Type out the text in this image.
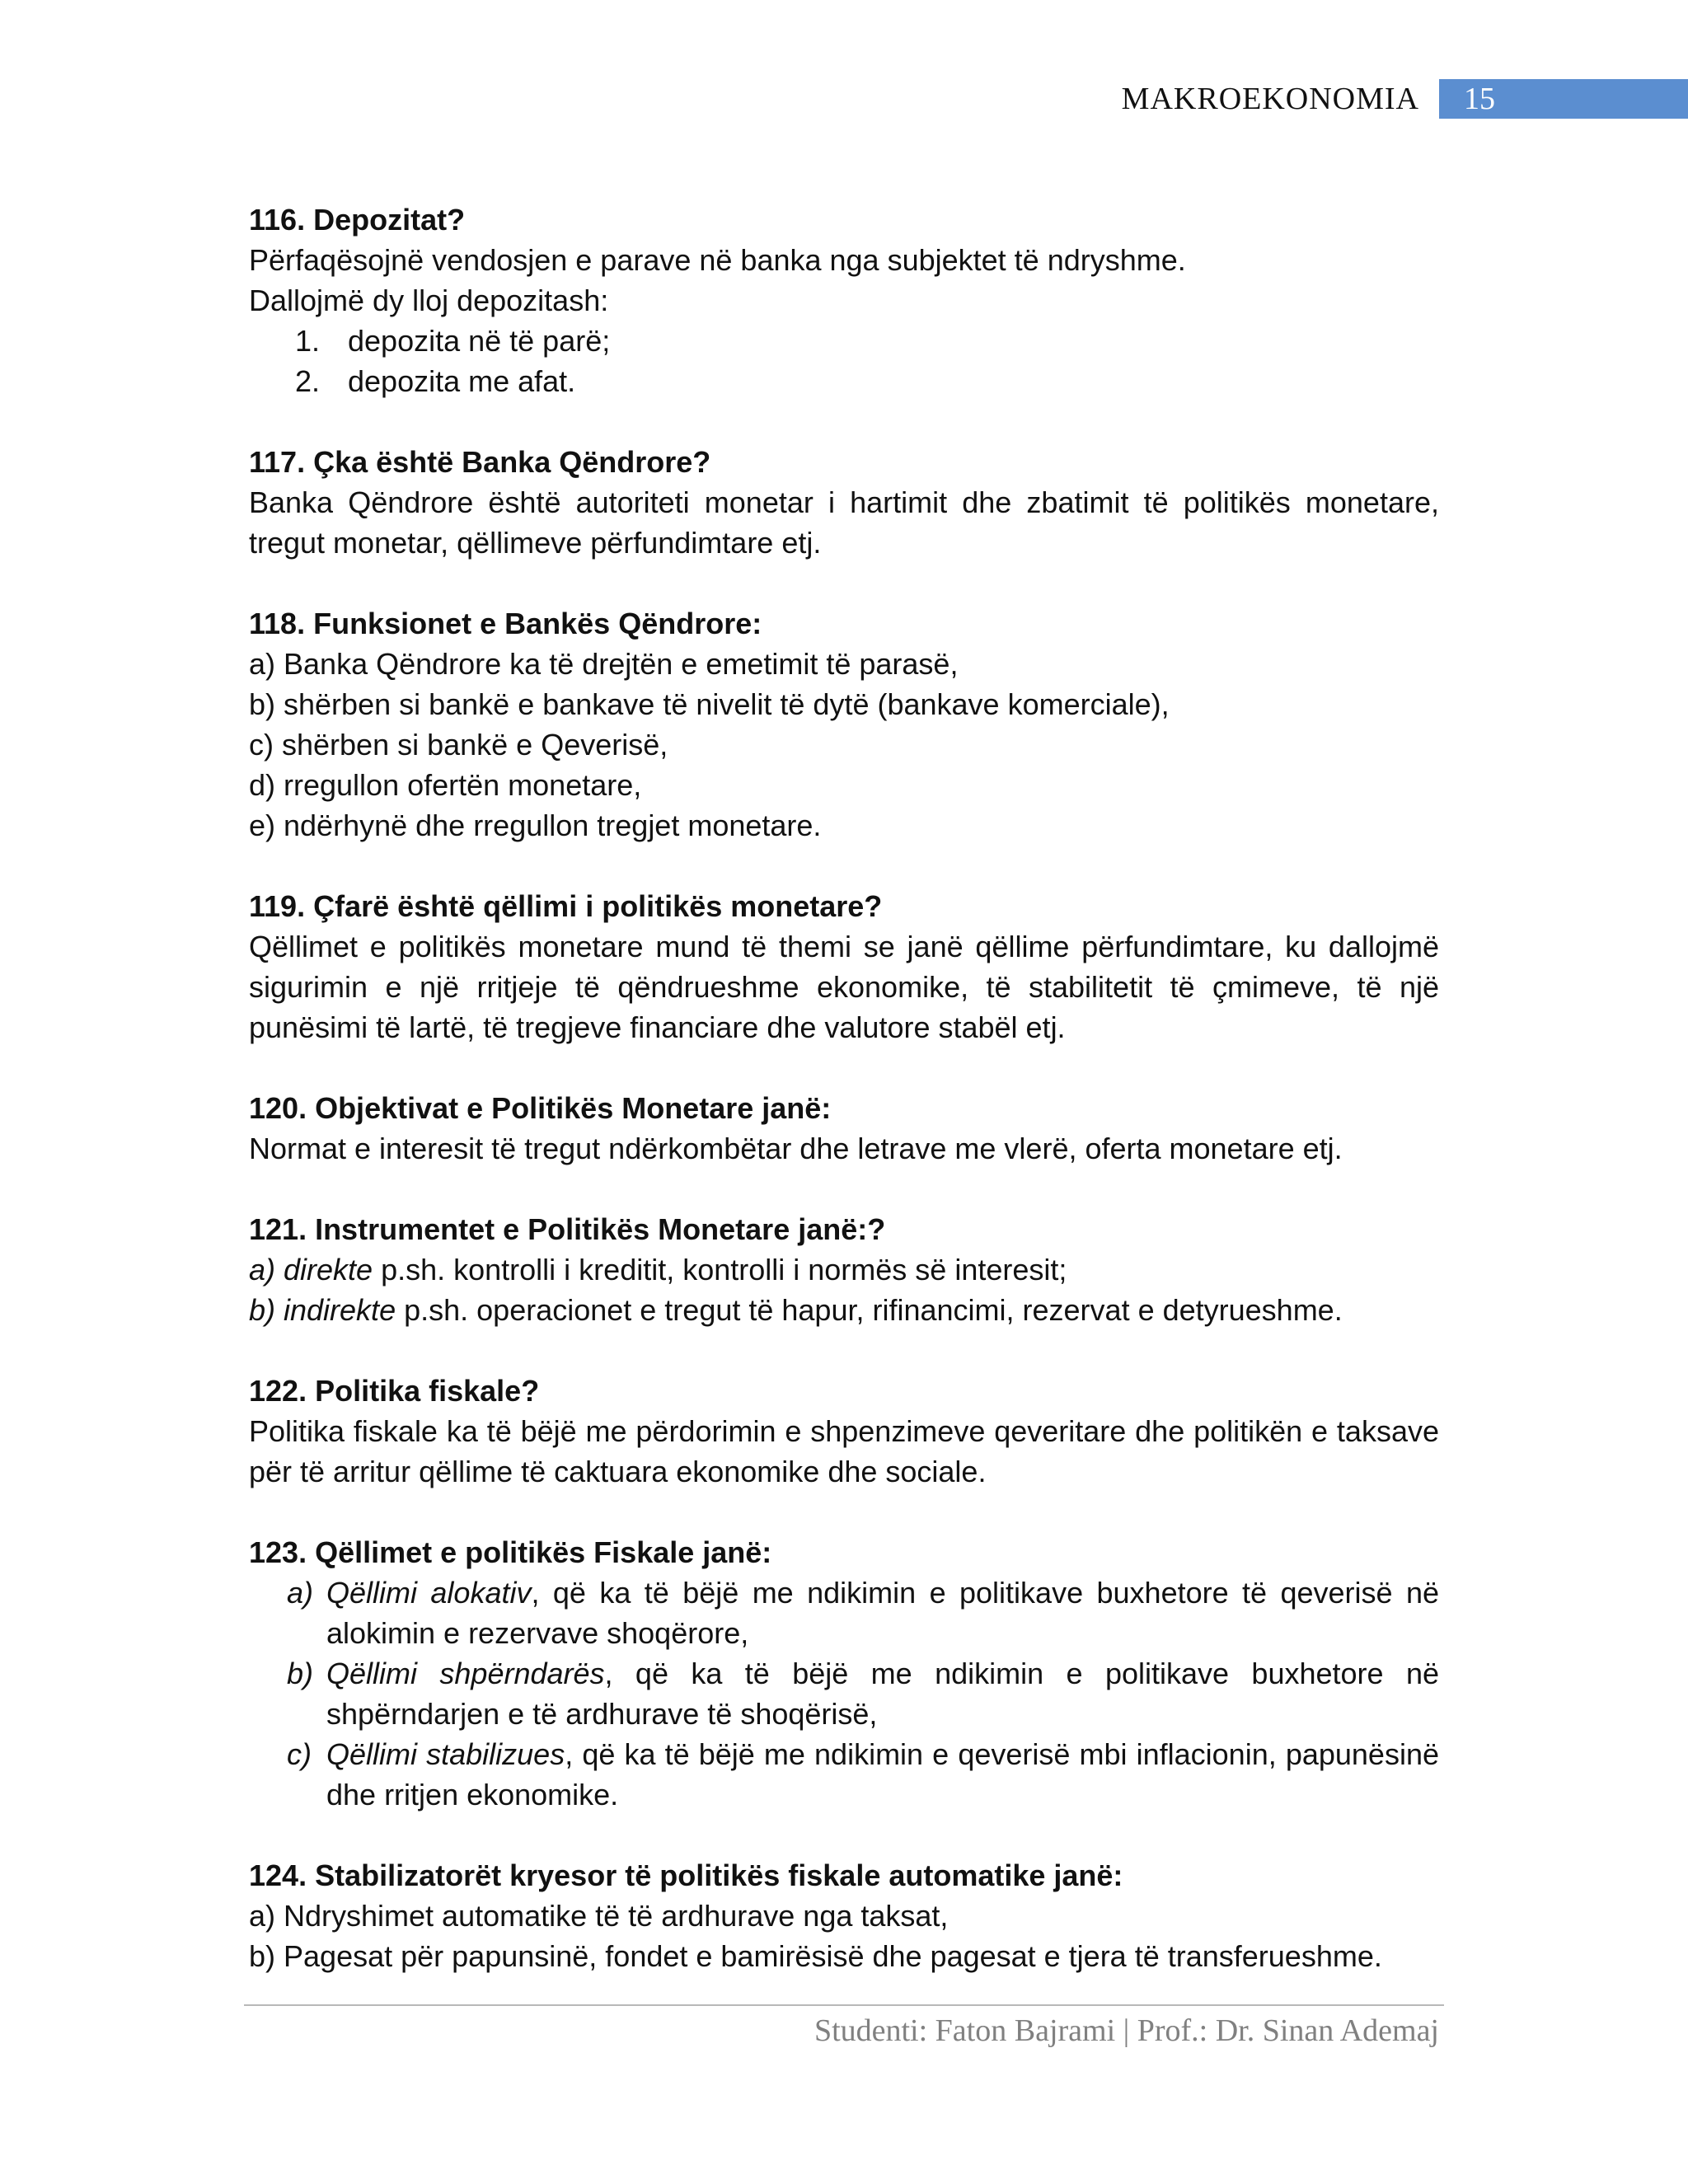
MAKROEKONOMIA 15

116. Depozitat?

Përfaqësojnë vendosjen e parave në banka nga subjektet të ndryshme.

Dallojmë dy lloj depozitash:

1. depozita në të parë;
2. depozita me afat.

117. Çka është Banka Qëndrore?

Banka Qëndrore është autoriteti monetar i hartimit dhe zbatimit të politikës monetare, tregut monetar, qëllimeve përfundimtare etj.

118. Funksionet e Bankës Qëndrore:

a) Banka Qëndrore ka të drejtën e emetimit të parasë,

b) shërben si bankë e bankave të nivelit të dytë (bankave komerciale),

c) shërben si bankë e Qeverisë,

d) rregullon ofertën monetare,

e) ndërhynë dhe rregullon tregjet monetare.

119. Çfarë është qëllimi i politikës monetare?

Qëllimet e politikës monetare mund të themi se janë qëllime përfundimtare, ku dallojmë sigurimin e një rritjeje të qëndrueshme ekonomike, të stabilitetit të çmimeve, të një punësimi të lartë, të tregjeve financiare dhe valutore stabël etj.

120. Objektivat e Politikës Monetare janë:

Normat e interesit të tregut ndërkombëtar dhe letrave me vlerë, oferta monetare etj.

121. Instrumentet e Politikës Monetare janë:?

a) direkte p.sh. kontrolli i kreditit, kontrolli i normës së interesit;

b) indirekte p.sh. operacionet e tregut të hapur, rifinancimi, rezervat e detyrueshme.

122. Politika fiskale?

Politika fiskale ka të bëjë me përdorimin e shpenzimeve qeveritare dhe politikën e taksave për të arritur qëllime të caktuara ekonomike dhe sociale.

123. Qëllimet e politikës Fiskale janë:

a) Qëllimi alokativ, që ka të bëjë me ndikimin e politikave buxhetore të qeverisë në alokimin e rezervave shoqërore,
b) Qëllimi shpërndarës, që ka të bëjë me ndikimin e politikave buxhetore në shpërndarjen e të ardhurave të shoqërisë,
c) Qëllimi stabilizues, që ka të bëjë me ndikimin e qeverisë mbi inflacionin, papunësinë dhe rritjen ekonomike.

124. Stabilizatorët kryesor të politikës fiskale automatike janë:

a) Ndryshimet automatike të të ardhurave nga taksat,

b) Pagesat për papunsinë, fondet e bamirësisë dhe pagesat e tjera të transferueshme.

Studenti: Faton Bajrami | Prof.: Dr. Sinan Ademaj
